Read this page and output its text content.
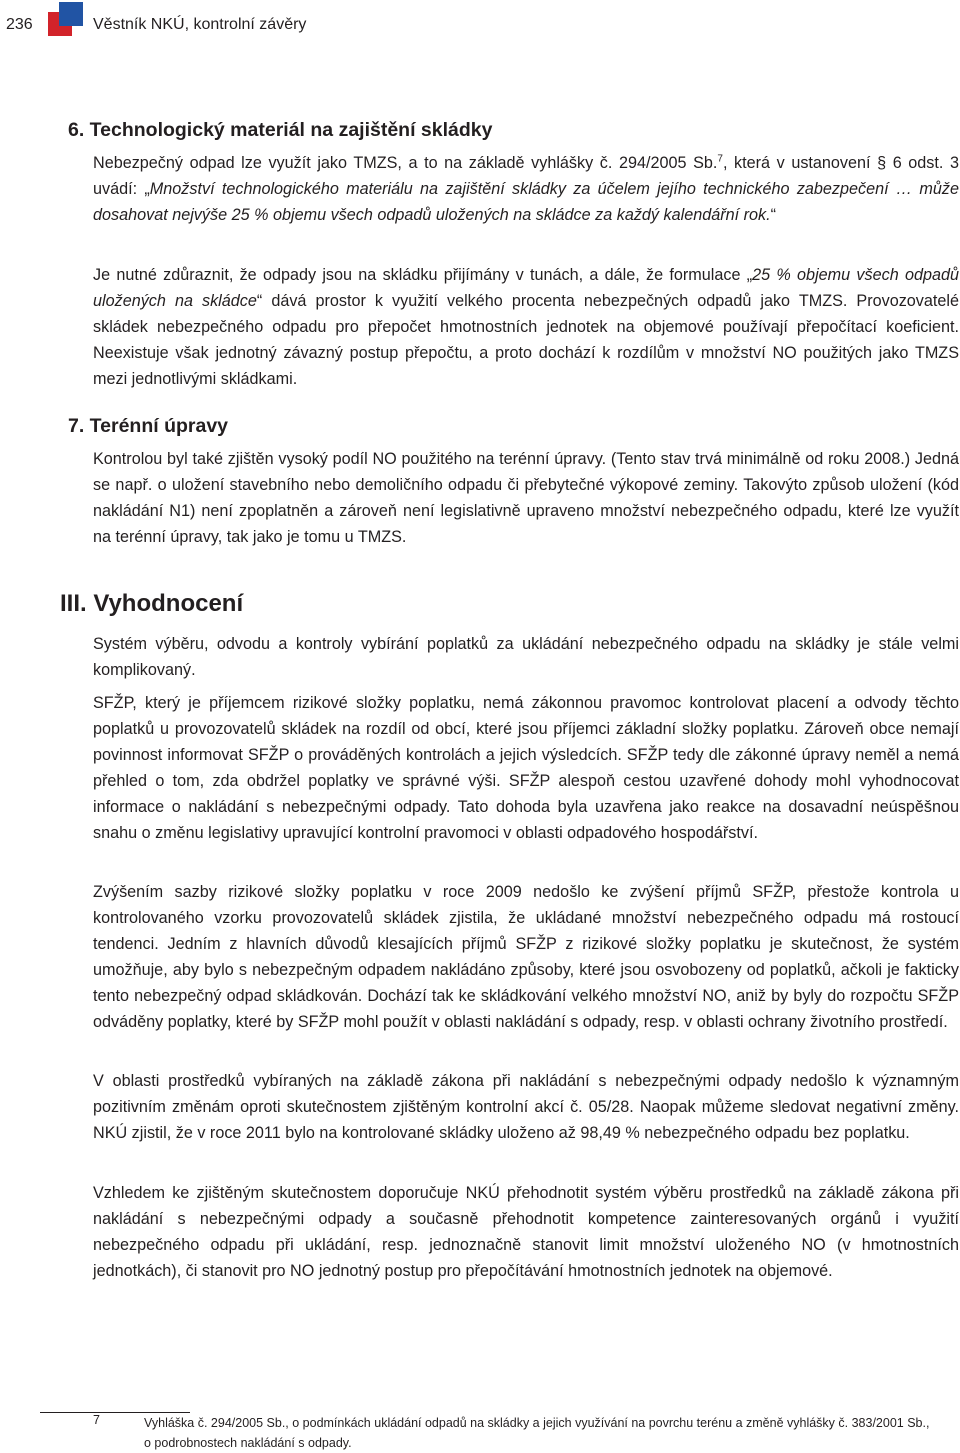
236	Věstník NKÚ, kontrolní závěry
6. Technologický materiál na zajištění skládky
Nebezpečný odpad lze využít jako TMZS, a to na základě vyhlášky č. 294/2005 Sb.$^7$, která v ustanovení § 6 odst. 3 uvádí: „Množství technologického materiálu na zajištění skládky za účelem jejího technického zabezpečení … může dosahovat nejvýše 25 % objemu všech odpadů uložených na skládce za každý kalendářní rok.“
Je nutné zdůraznit, že odpady jsou na skládku přijímány v tunách, a dále, že formulace „25 % objemu všech odpadů uložených na skládce“ dává prostor k využití velkého procenta nebezpečných odpadů jako TMZS. Provozovatelé skládek nebezpečného odpadu pro přepočet hmotnostních jednotek na objemové používají přepočítací koeficient. Neexistuje však jednotný závazný postup přepočtu, a proto dochází k rozdílům v množství NO použitých jako TMZS mezi jednotlivými skládkami.
7. Terénní úpravy
Kontrolou byl také zjištěn vysoký podíl NO použitého na terénní úpravy. (Tento stav trvá minimálně od roku 2008.) Jedná se např. o uložení stavebního nebo demoličního odpadu či přebytečné výkopové zeminy. Takovýto způsob uložení (kód nakládání N1) není zpoplatněn a zároveň není legislativně upraveno množství nebezpečného odpadu, které lze využít na terénní úpravy, tak jako je tomu u TMZS.
III. Vyhodnocení
Systém výběru, odvodu a kontroly vybírání poplatků za ukládání nebezpečného odpadu na skládky je stále velmi komplikovaný.
SFŽP, který je příjemcem rizikové složky poplatku, nemá zákonnou pravomoc kontrolovat placení a odvody těchto poplatků u provozovatelů skládek na rozdíl od obcí, které jsou příjemci základní složky poplatku. Zároveň obce nemají povinnost informovat SFŽP o prováděných kontrolách a jejich výsledcích. SFŽP tedy dle zákonné úpravy neměl a nemá přehled o tom, zda obdržel poplatky ve správné výši. SFŽP alespoň cestou uzavřené dohody mohl vyhodnocovat informace o nakládání s nebezpečnými odpady. Tato dohoda byla uzavřena jako reakce na dosavadní neúspěšnou snahu o změnu legislativy upravující kontrolní pravomoci v oblasti odpadového hospodářství.
Zvýšením sazby rizikové složky poplatku v roce 2009 nedošlo ke zvýšení příjmů SFŽP, přestože kontrola u kontrolovaného vzorku provozovatelů skládek zjistila, že ukládané množství nebezpečného odpadu má rostoucí tendenci. Jedním z hlavních důvodů klesajících příjmů SFŽP z rizikové složky poplatku je skutečnost, že systém umožňuje, aby bylo s nebezpečným odpadem nakládáno způsoby, které jsou osvobozeny od poplatků, ačkoli je fakticky tento nebezpečný odpad skládkován. Dochází tak ke skládkování velkého množství NO, aniž by byly do rozpočtu SFŽP odváděny poplatky, které by SFŽP mohl použít v oblasti nakládání s odpady, resp. v oblasti ochrany životního prostředí.
V oblasti prostředků vybíraných na základě zákona při nakládání s nebezpečnými odpady nedošlo k významným pozitivním změnám oproti skutečnostem zjištěným kontrolní akcí č. 05/28. Naopak můžeme sledovat negativní změny. NKÚ zjistil, že v roce 2011 bylo na kontrolované skládky uloženo až 98,49 % nebezpečného odpadu bez poplatku.
Vzhledem ke zjištěným skutečnostem doporučuje NKÚ přehodnotit systém výběru prostředků na základě zákona při nakládání s nebezpečnými odpady a současně přehodnotit kompetence zainteresovaných orgánů i využití nebezpečného odpadu při ukládání, resp. jednoznačně stanovit limit množství uloženého NO (v hmotnostních jednotkách), či stanovit pro NO jednotný postup pro přepočítávání hmotnostních jednotek na objemové.
7	Vyhláška č. 294/2005 Sb., o podmínkách ukládání odpadů na skládky a jejich využívání na povrchu terénu a změně vyhlášky č. 383/2001 Sb., o podrobnostech nakládání s odpady.
